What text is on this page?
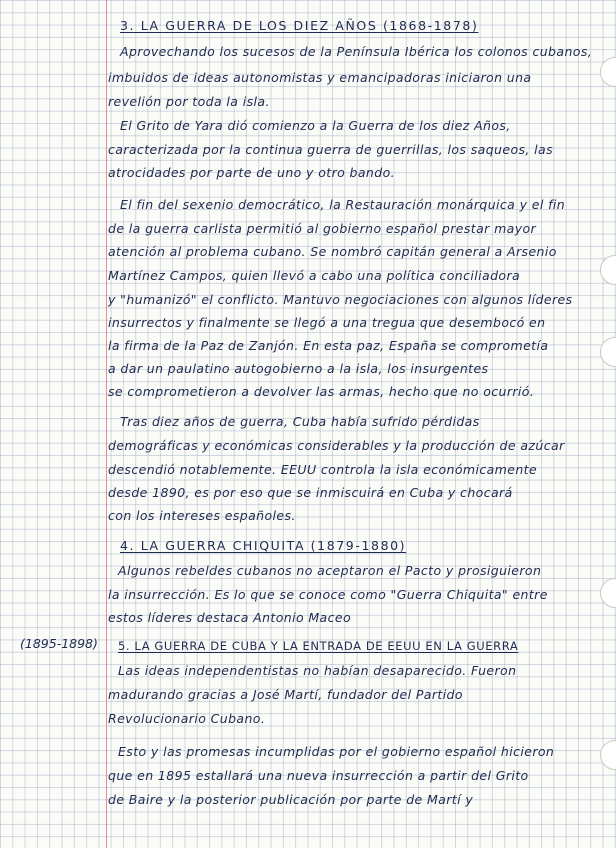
3. LA GUERRA DE LOS DIEZ AÑOS (1868-1878)
Aprovechando los sucesos de la Península Ibérica los colonos cubanos,
imbuidos de ideas autonomistas y emancipadoras iniciaron una
revelión por toda la isla.
El Grito de Yara dió comienzo a la Guerra de los diez Años,
caracterizada por la continua guerra de guerrillas, los saqueos, las
atrocidades por parte de uno y otro bando.
El fin del sexenio democrático, la Restauración monárquica y el fin
de la guerra carlista permitió al gobierno español prestar mayor
atención al problema cubano. Se nombró capitán general a Arsenio
Martínez Campos, quien llevó a cabo una política conciliadora
y "humanizó" el conflicto. Mantuvo negociaciones con algunos líderes
insurrectos y finalmente se llegó a una tregua que desembocó en
la firma de la Paz de Zanjón. En esta paz, España se comprometía
a dar un paulatino autogobierno a la isla, los insurgentes
se comprometieron a devolver las armas, hecho que no ocurrió.
Tras diez años de guerra, Cuba había sufrido pérdidas
demográficas y económicas considerables y la producción de azúcar
descendió notablemente. EEUU controla la isla económicamente
desde 1890, es por eso que se inmiscuirá en Cuba y chocará
con los intereses españoles.
4. LA GUERRA CHIQUITA (1879-1880)
Algunos rebeldes cubanos no aceptaron el Pacto y prosiguieron
la insurrección. Es lo que se conoce como "Guerra Chiquita" entre
estos líderes destaca Antonio Maceo
(1895-1898) 5. LA GUERRA DE CUBA Y LA ENTRADA DE EEUU EN LA GUERRA
Las ideas independentistas no habían desaparecido. Fueron
madurando gracias a José Martí, fundador del Partido
Revolucionario Cubano.
Esto y las promesas incumplidas por el gobierno español hicieron
que en 1895 estallará una nueva insurrección a partir del Grito
de Baire y la posterior publicación por parte de Martí y
